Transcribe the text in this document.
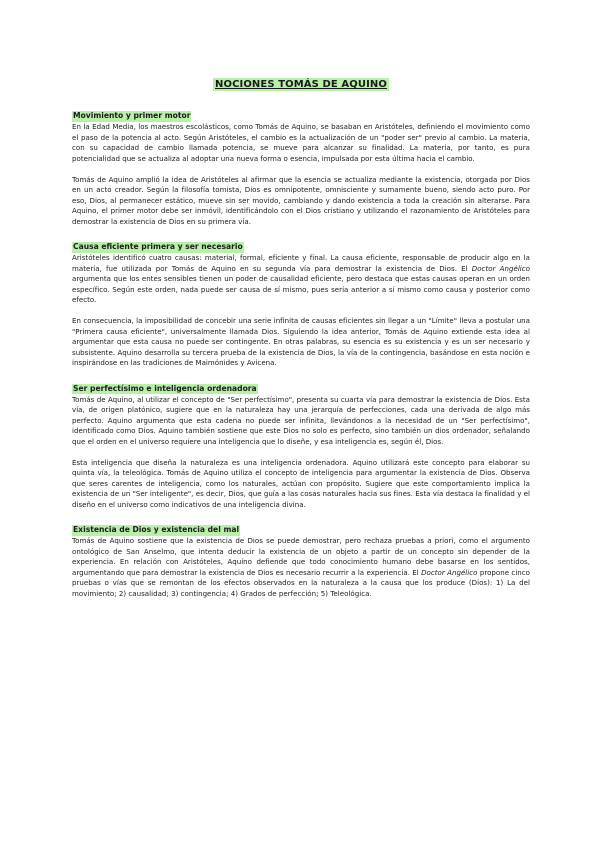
NOCIONES TOMÁS DE AQUINO
Movimiento y primer motor

En la Edad Media, los maestros escolásticos, como Tomás de Aquino, se basaban en Aristóteles, definiendo el movimiento como el paso de la potencia al acto. Según Aristóteles, el cambio es la actualización de un "poder ser" previo al cambio. La materia, con su capacidad de cambio llamada potencia, se mueve para alcanzar su finalidad. La materia, por tanto, es pura potencialidad que se actualiza al adoptar una nueva forma o esencia, impulsada por esta última hacia el cambio.

Tomás de Aquino amplió la idea de Aristóteles al afirmar que la esencia se actualiza mediante la existencia, otorgada por Dios en un acto creador. Según la filosofía tomista, Dios es omnipotente, omnisciente y sumamente bueno, siendo acto puro. Por eso, Dios, al permanecer estático, mueve sin ser movido, cambiando y dando existencia a toda la creación sin alterarse. Para Aquino, el primer motor debe ser inmóvil, identificándolo con el Dios cristiano y utilizando el razonamiento de Aristóteles para demostrar la existencia de Dios en su primera vía.

Causa eficiente primera y ser necesario

Aristóteles identificó cuatro causas: material, formal, eficiente y final. La causa eficiente, responsable de producir algo en la materia, fue utilizada por Tomás de Aquino en su segunda vía para demostrar la existencia de Dios. El Doctor Angélico argumenta que los entes sensibles tienen un poder de causalidad eficiente, pero destaca que estas causas operan en un orden específico. Según este orden, nada puede ser causa de sí mismo, pues sería anterior a sí mismo como causa y posterior como efecto.

En consecuencia, la imposibilidad de concebir una serie infinita de causas eficientes sin llegar a un "Límite" lleva a postular una "Primera causa eficiente", universalmente llamada Dios. Siguiendo la idea anterior, Tomás de Aquino extiende esta idea al argumentar que esta causa no puede ser contingente. En otras palabras, su esencia es su existencia y es un ser necesario y subsistente. Aquino desarrolla su tercera prueba de la existencia de Dios, la vía de la contingencia, basándose en esta noción e inspirándose en las tradiciones de Maimónides y Avicena.

Ser perfectísimo e inteligencia ordenadora

Tomás de Aquino, al utilizar el concepto de "Ser perfectísimo", presenta su cuarta vía para demostrar la existencia de Dios. Esta vía, de origen platónico, sugiere que en la naturaleza hay una jerarquía de perfecciones, cada una derivada de algo más perfecto. Aquino argumenta que esta cadena no puede ser infinita, llevándonos a la necesidad de un "Ser perfectísimo", identificado como Dios. Aquino también sostiene que este Dios no solo es perfecto, sino también un dios ordenador, señalando que el orden en el universo requiere una inteligencia que lo diseñe, y esa inteligencia es, según él, Dios.

Esta inteligencia que diseña la naturaleza es una inteligencia ordenadora. Aquino utilizará este concepto para elaborar su quinta vía, la teleológica. Tomás de Aquino utiliza el concepto de inteligencia para argumentar la existencia de Dios. Observa que seres carentes de inteligencia, como los naturales, actúan con propósito. Sugiere que este comportamiento implica la existencia de un "Ser inteligente", es decir, Dios, que guía a las cosas naturales hacia sus fines. Esta vía destaca la finalidad y el diseño en el universo como indicativos de una inteligencia divina.

Existencia de Dios y existencia del mal

Tomás de Aquino sostiene que la existencia de Dios se puede demostrar, pero rechaza pruebas a priori, como el argumento ontológico de San Anselmo, que intenta deducir la existencia de un objeto a partir de un concepto sin depender de la experiencia. En relación con Aristóteles, Aquino defiende que todo conocimiento humano debe basarse en los sentidos, argumentando que para demostrar la existencia de Dios es necesario recurrir a la experiencia. El Doctor Angélico propone cinco pruebas o vías que se remontan de los efectos observados en la naturaleza a la causa que los produce (Dios): 1) La del movimiento; 2) causalidad; 3) contingencia; 4) Grados de perfección; 5) Teleológica.
